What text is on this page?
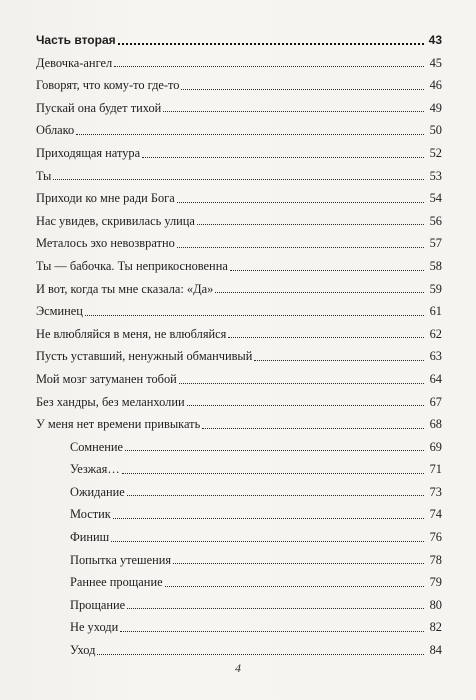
Часть вторая	43
Девочка-ангел	45
Говорят, что кому-то где-то	46
Пускай она будет тихой	49
Облако	50
Приходящая натура	52
Ты	53
Приходи ко мне ради Бога	54
Нас увидев, скривилась улица	56
Металось эхо невозвратно	57
Ты — бабочка. Ты неприкосновенна	58
И вот, когда ты мне сказала: «Да»	59
Эсминец	61
Не влюбляйся в меня, не влюбляйся	62
Пусть уставший, ненужный обманчивый	63
Мой мозг затуманен тобой	64
Без хандры, без меланхолии	67
У меня нет времени привыкать	68
Сомнение	69
Уезжая…	71
Ожидание	73
Мостик	74
Финиш	76
Попытка утешения	78
Раннее прощание	79
Прощание	80
Не уходи	82
Уход	84
4
